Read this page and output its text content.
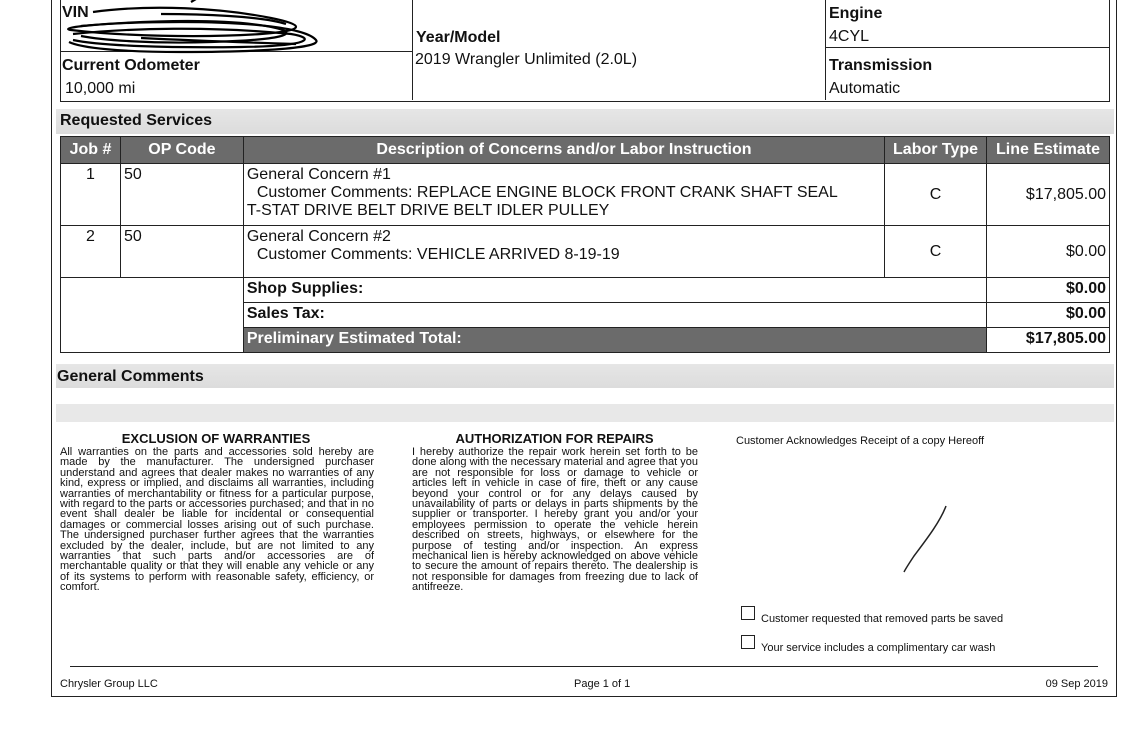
VIN
Current Odometer
10,000 mi
Year/Model
2019 Wrangler Unlimited (2.0L)
Engine
4CYL
Transmission
Automatic
Requested Services
Job #	OP Code	Description of Concerns and/or Labor Instruction	Labor Type	Line Estimate
1	50	General Concern #1
Customer Comments: REPLACE ENGINE BLOCK FRONT CRANK SHAFT SEAL
T-STAT DRIVE BELT DRIVE BELT IDLER PULLEY	C	$17,805.00
2	50	General Concern #2
Customer Comments: VEHICLE ARRIVED 8-19-19	C	$0.00
		Shop Supplies:		$0.00
		Sales Tax:		$0.00
		Preliminary Estimated Total:		$17,805.00
General Comments
EXCLUSION OF WARRANTIES
All warranties on the parts and accessories sold hereby are made by the manufacturer. The undersigned purchaser understand and agrees that dealer makes no warranties of any kind, express or implied, and disclaims all warranties, including warranties of merchantability or fitness for a particular purpose, with regard to the parts or accessories purchased; and that in no event shall dealer be liable for incidental or consequential damages or commercial losses arising out of such purchase. The undersigned purchaser further agrees that the warranties excluded by the dealer, include, but are not limited to any warranties that such parts and/or accessories are of merchantable quality or that they will enable any vehicle or any of its systems to perform with reasonable safety, efficiency, or comfort.
AUTHORIZATION FOR REPAIRS
I hereby authorize the repair work herein set forth to be done along with the necessary material and agree that you are not responsible for loss or damage to vehicle or articles left in vehicle in case of fire, theft or any cause beyond your control or for any delays caused by unavailability of parts or delays in parts shipments by the supplier or transporter. I hereby grant you and/or your employees permission to operate the vehicle herein described on streets, highways, or elsewhere for the purpose of testing and/or inspection. An express mechanical lien is hereby acknowledged on above vehicle to secure the amount of repairs thereto. The dealership is not responsible for damages from freezing due to lack of antifreeze.
Customer Acknowledges Receipt of a copy Hereoff
Customer requested that removed parts be saved
Your service includes a complimentary car wash
Chrysler Group LLC	Page 1 of 1	09 Sep 2019
